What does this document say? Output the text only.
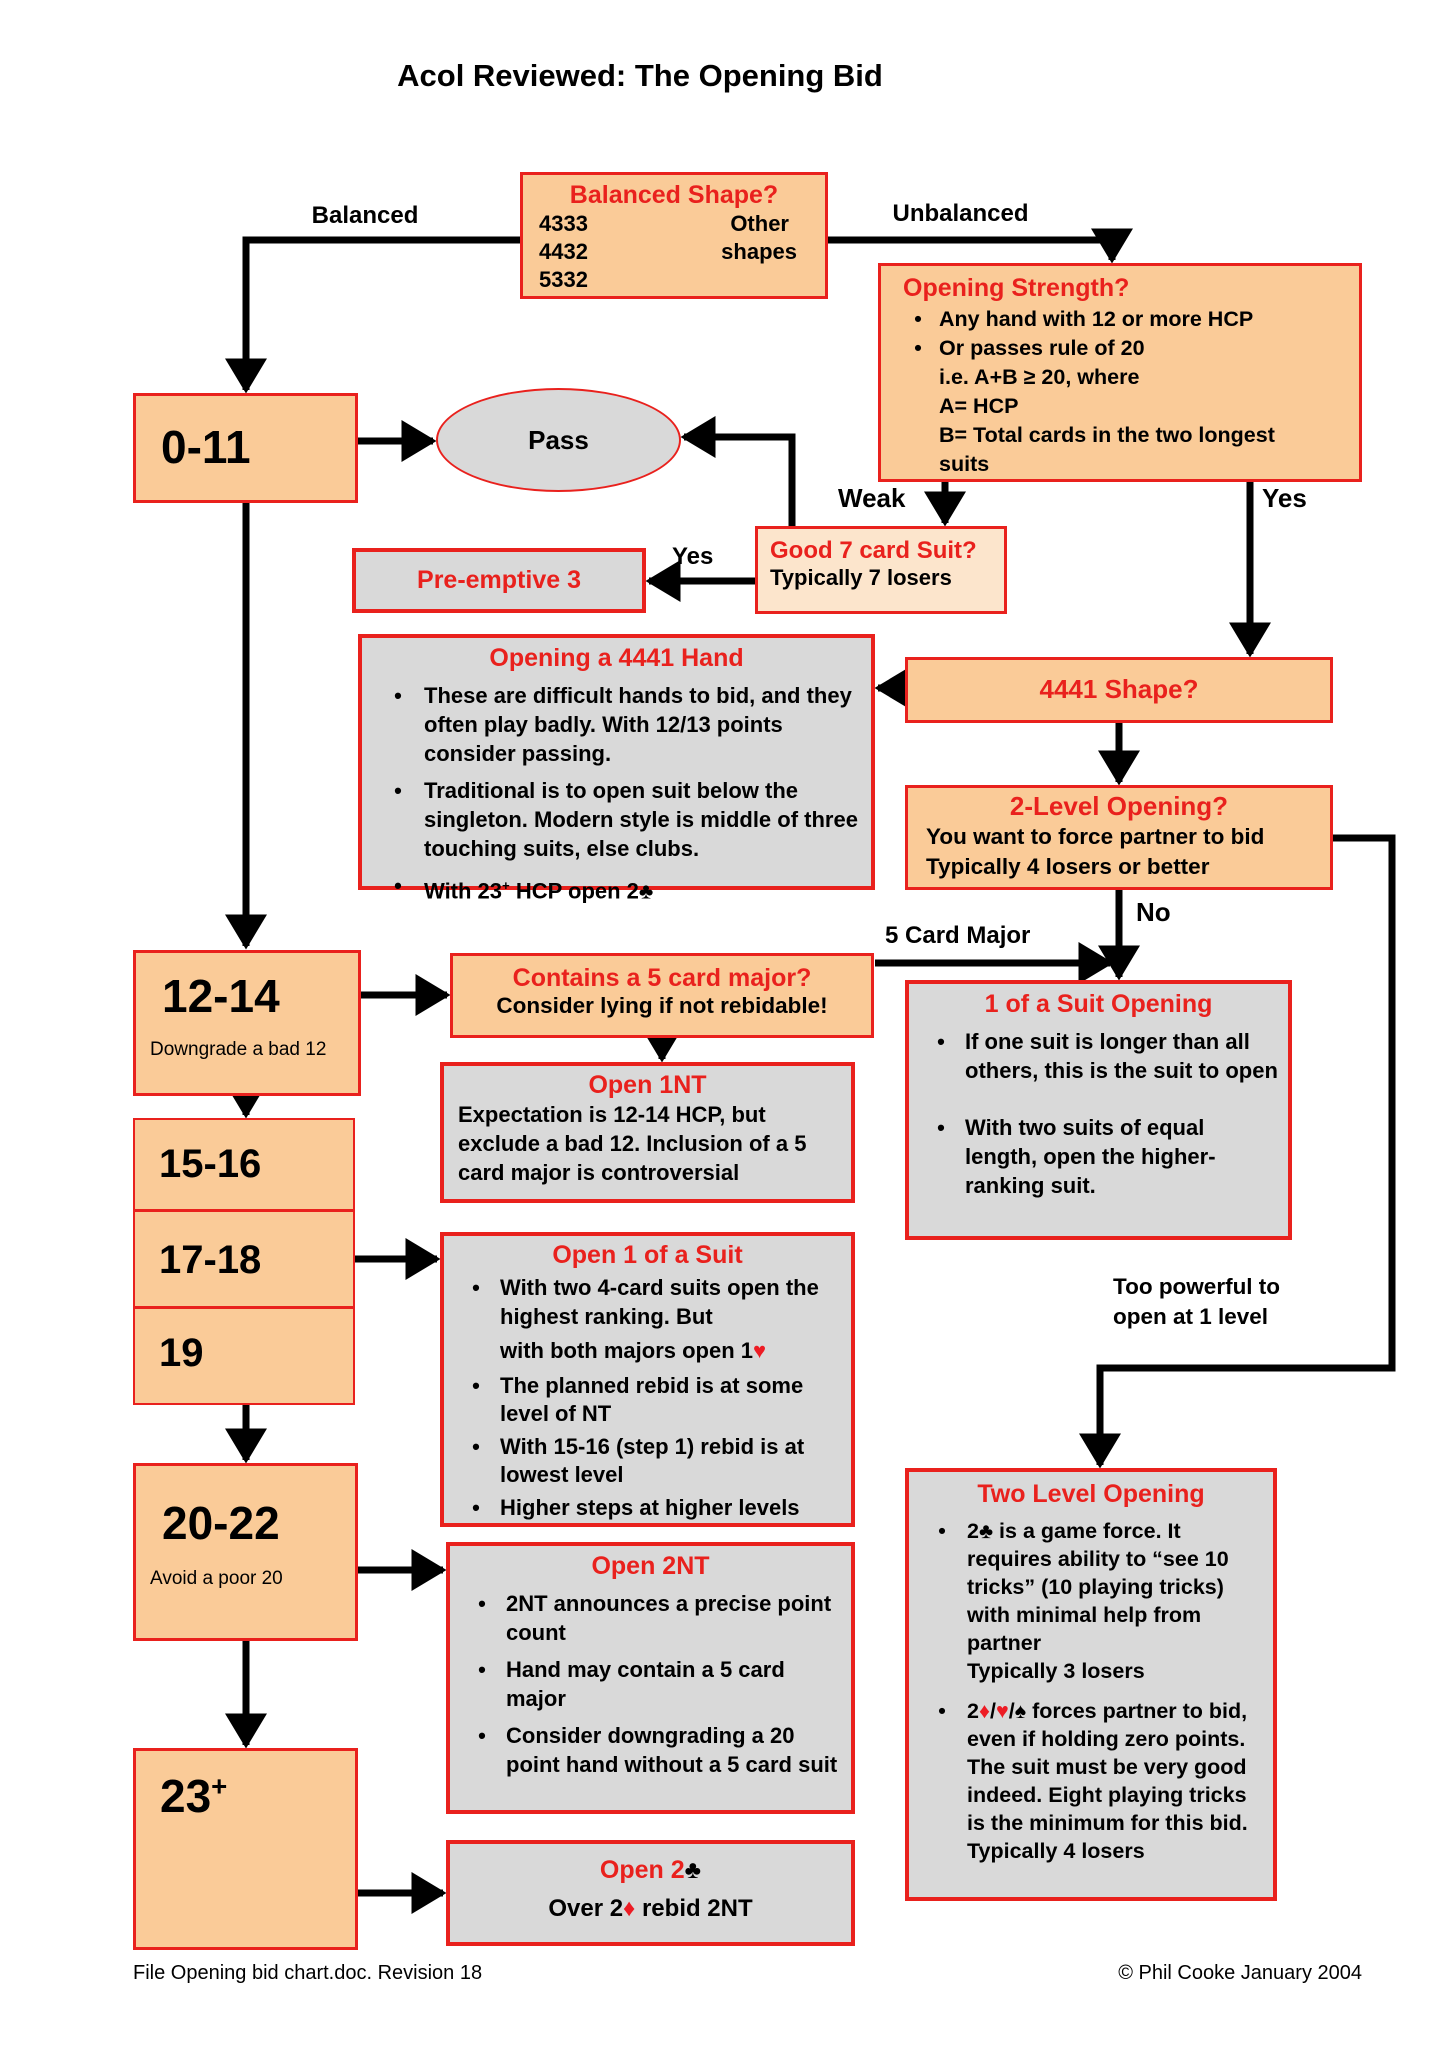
Acol Reviewed: The Opening Bid
Balanced	Unbalanced
Weak	Yes
Yes
No
5 Card Major
Too powerful to
open at 1 level
Balanced Shape?
4333	Other
4432	shapes
5332	Opening Strength?
• Any hand with 12 or more HCP
• Or passes rule of 20
i.e. A+B ≥ 20, where
A= HCP
B= Total cards in the two longest
suits
0-11	Pass
Pre-emptive 3
Good 7 card Suit?
Typically 7 losers
4441 Shape?
Opening a 4441 Hand
•	These are difficult hands to bid, and they often play badly. With 12/13 points consider passing.
•	Traditional is to open suit below the singleton. Modern style is middle of three touching suits, else clubs.
•	With 23+ HCP open 2♣
2-Level Opening?
You want to force partner to bid
Typically 4 losers or better
12-14
Downgrade a bad 12
Contains a 5 card major?
Consider lying if not rebidable!	1 of a Suit Opening
• If one suit is longer than all others, this is the suit to open
• With two suits of equal length, open the higher-ranking suit.
Open 1NT
Expectation is 12-14 HCP, but exclude a bad 12. Inclusion of a 5 card major is controversial
15-16
17-18
19
Open 1 of a Suit
• With two 4-card suits open the highest ranking. But
with both majors open 1♥
• The planned rebid is at some level of NT
• With 15-16 (step 1) rebid is at lowest level
• Higher steps at higher levels
20-22
Avoid a poor 20	Open 2NT
• 2NT announces a precise point count
• Hand may contain a 5 card major
• Consider downgrading a 20 point hand without a 5 card suit
Two Level Opening
• 2♣ is a game force. It requires ability to “see 10 tricks” (10 playing tricks) with minimal help from partner
Typically 3 losers
• 2♦/♥/♠ forces partner to bid, even if holding zero points. The suit must be very good indeed. Eight playing tricks is the minimum for this bid. Typically 4 losers
23+
Open 2♣
Over 2♦ rebid 2NT
File Opening bid chart.doc. Revision 18	© Phil Cooke January 2004
